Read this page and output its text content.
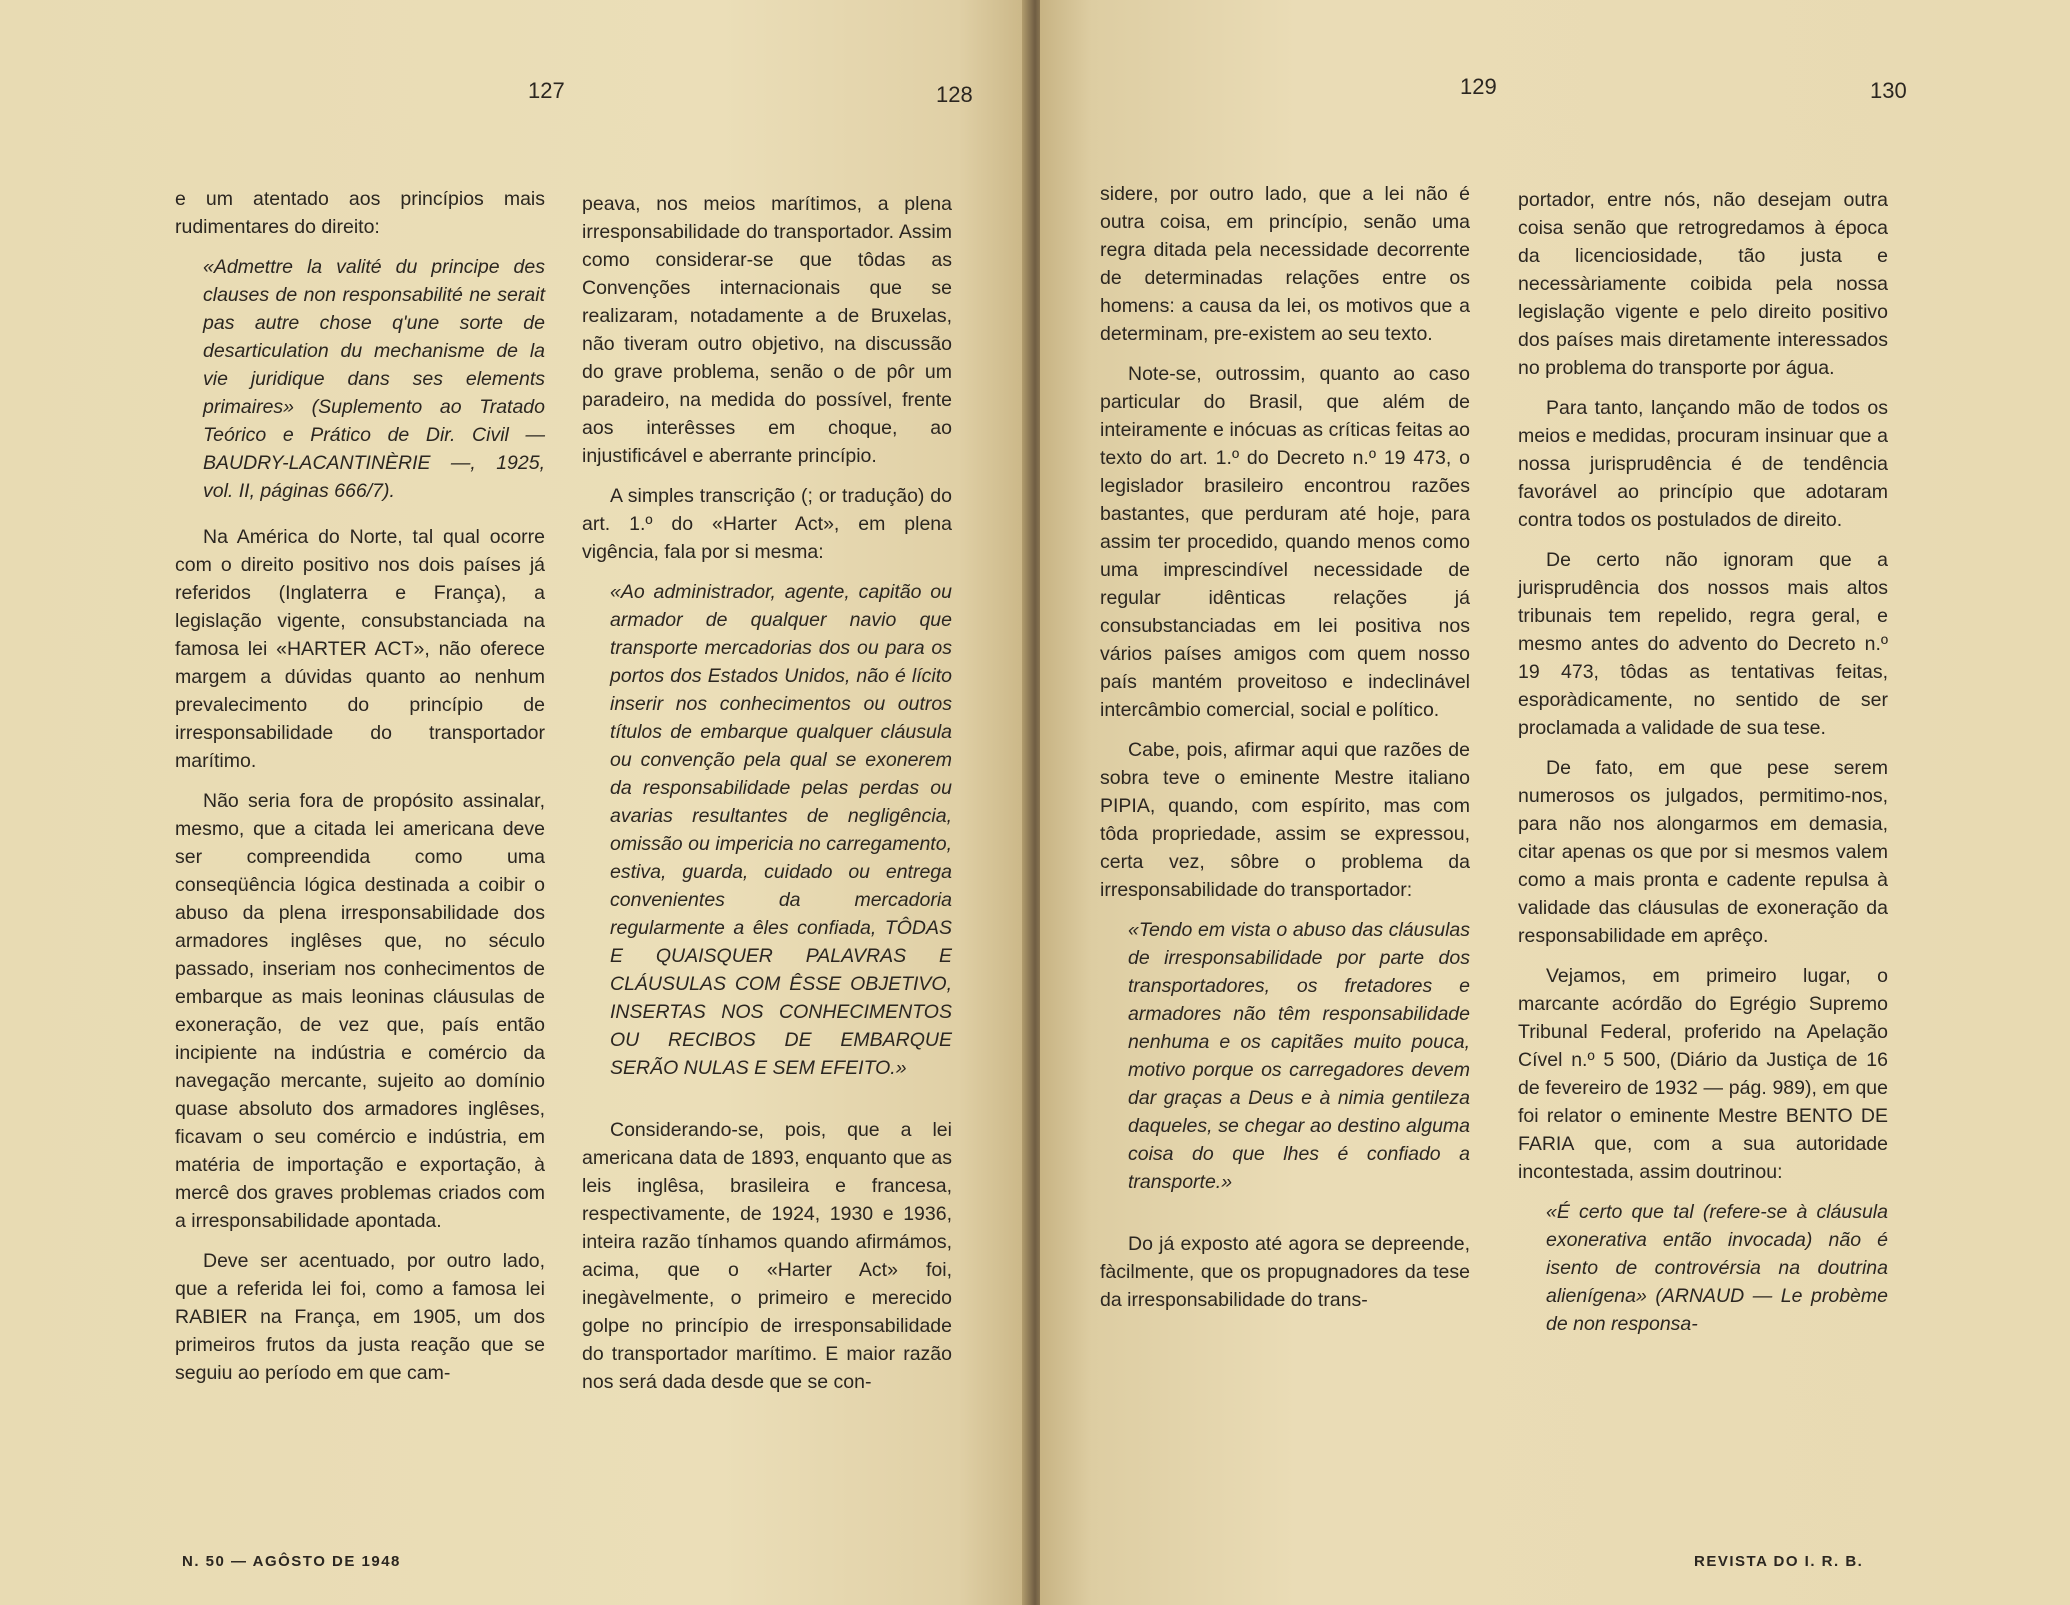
127	128

e um atentado aos princípios mais rudimentares do direito:

«Admettre la valité du principe des clauses de non responsabilité ne serait pas autre chose q'une sorte de desarticulation du mechanisme de la vie juridique dans ses elements primaires» (Suplemento ao Tratado Teórico e Prático de Dir. Civil — BAUDRY-LACANTINÈRIE —, 1925, vol. II, páginas 666/7).

Na América do Norte, tal qual ocorre com o direito positivo nos dois países já referidos (Inglaterra e França), a legislação vigente, consubstanciada na famosa lei «HARTER ACT», não oferece margem a dúvidas quanto ao nenhum prevalecimento do princípio de irresponsabilidade do transportador marítimo.

Não seria fora de propósito assinalar, mesmo, que a citada lei americana deve ser compreendida como uma conseqüência lógica destinada a coibir o abuso da plena irresponsabilidade dos armadores inglêses que, no século passado, inseriam nos conhecimentos de embarque as mais leoninas cláusulas de exoneração, de vez que, país então incipiente na indústria e comércio da navegação mercante, sujeito ao domínio quase absoluto dos armadores inglêses, ficavam o seu comércio e indústria, em matéria de importação e exportação, à mercê dos graves problemas criados com a irresponsabilidade apontada.

Deve ser acentuado, por outro lado, que a referida lei foi, como a famosa lei RABIER na França, em 1905, um dos primeiros frutos da justa reação que se seguiu ao período em que cam-

peava, nos meios marítimos, a plena irresponsabilidade do transportador. Assim como considerar-se que tôdas as Convenções internacionais que se realizaram, notadamente a de Bruxelas, não tiveram outro objetivo, na discussão do grave problema, senão o de pôr um paradeiro, na medida do possível, frente aos interêsses em choque, ao injustificável e aberrante princípio.

A simples transcrição (; or tradução) do art. 1.º do «Harter Act», em plena vigência, fala por si mesma:

«Ao administrador, agente, capitão ou armador de qualquer navio que transporte mercadorias dos ou para os portos dos Estados Unidos, não é lícito inserir nos conhecimentos ou outros títulos de embarque qualquer cláusula ou convenção pela qual se exonerem da responsabilidade pelas perdas ou avarias resultantes de negligência, omissão ou impericia no carregamento, estiva, guarda, cuidado ou entrega convenientes da mercadoria regularmente a êles confiada, TÔDAS E QUAISQUER PALAVRAS E CLÁUSULAS COM ÊSSE OBJETIVO, INSERTAS NOS CONHECIMENTOS OU RECIBOS DE EMBARQUE SERÃO NULAS E SEM EFEITO.»

Considerando-se, pois, que a lei americana data de 1893, enquanto que as leis inglêsa, brasileira e francesa, respectivamente, de 1924, 1930 e 1936, inteira razão tínhamos quando afirmámos, acima, que o «Harter Act» foi, inegàvelmente, o primeiro e merecido golpe no princípio de irresponsabilidade do transportador marítimo. E maior razão nos será dada desde que se con-

N. 50 — AGÔSTO DE 1948
129	130

sidere, por outro lado, que a lei não é outra coisa, em princípio, senão uma regra ditada pela necessidade decorrente de determinadas relações entre os homens: a causa da lei, os motivos que a determinam, pre-existem ao seu texto.

Note-se, outrossim, quanto ao caso particular do Brasil, que além de inteiramente e inócuas as críticas feitas ao texto do art. 1.º do Decreto n.º 19 473, o legislador brasileiro encontrou razões bastantes, que perduram até hoje, para assim ter procedido, quando menos como uma imprescindível necessidade de regular idênticas relações já consubstanciadas em lei positiva nos vários países amigos com quem nosso país mantém proveitoso e indeclinável intercâmbio comercial, social e político.

Cabe, pois, afirmar aqui que razões de sobra teve o eminente Mestre italiano PIPIA, quando, com espírito, mas com tôda propriedade, assim se expressou, certa vez, sôbre o problema da irresponsabilidade do transportador:

«Tendo em vista o abuso das cláusulas de irresponsabilidade por parte dos transportadores, os fretadores e armadores não têm responsabilidade nenhuma e os capitães muito pouca, motivo porque os carregadores devem dar graças a Deus e à nimia gentileza daqueles, se chegar ao destino alguma coisa do que lhes é confiado a transporte.»

Do já exposto até agora se depreende, fàcilmente, que os propugnadores da tese da irresponsabilidade do trans-

portador, entre nós, não desejam outra coisa senão que retrogredamos à época da licenciosidade, tão justa e necessàriamente coibida pela nossa legislação vigente e pelo direito positivo dos países mais diretamente interessados no problema do transporte por água.

Para tanto, lançando mão de todos os meios e medidas, procuram insinuar que a nossa jurisprudência é de tendência favorável ao princípio que adotaram contra todos os postulados de direito.

De certo não ignoram que a jurisprudência dos nossos mais altos tribunais tem repelido, regra geral, e mesmo antes do advento do Decreto n.º 19 473, tôdas as tentativas feitas, esporàdicamente, no sentido de ser proclamada a validade de sua tese.

De fato, em que pese serem numerosos os julgados, permitimo-nos, para não nos alongarmos em demasia, citar apenas os que por si mesmos valem como a mais pronta e cadente repulsa à validade das cláusulas de exoneração da responsabilidade em aprêço.

Vejamos, em primeiro lugar, o marcante acórdão do Egrégio Supremo Tribunal Federal, proferido na Apelação Cível n.º 5 500, (Diário da Justiça de 16 de fevereiro de 1932 — pág. 989), em que foi relator o eminente Mestre BENTO DE FARIA que, com a sua autoridade incontestada, assim doutrinou:

«É certo que tal (refere-se à cláusula exonerativa então invocada) não é isento de controvérsia na doutrina alienígena» (ARNAUD — Le probème de non responsa-

REVISTA DO I. R. B.
